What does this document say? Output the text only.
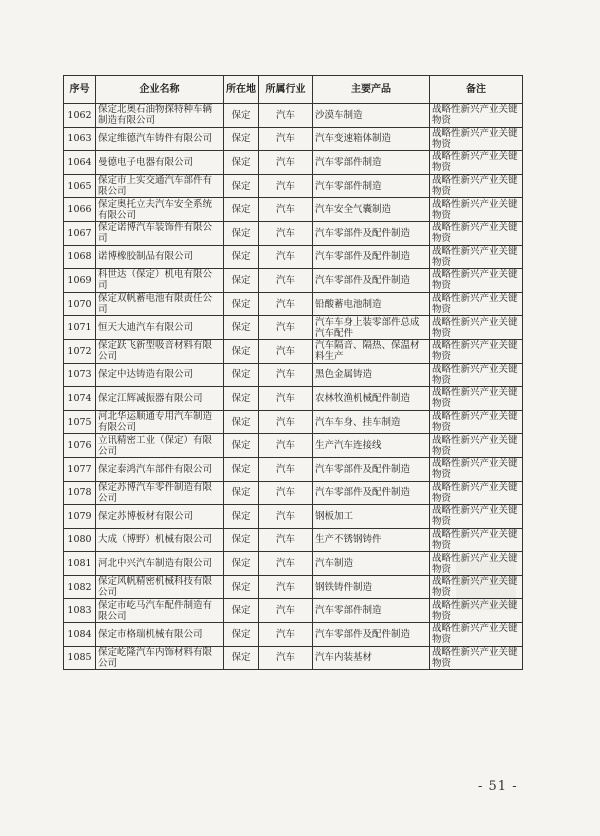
序号	企业名称	所在地	所属行业	主要产品	备注
1062	保定北奥石油物探特种车辆制造有限公司	保定	汽车	沙漠车制造	战略性新兴产业关键物资
1063	保定维德汽车铸件有限公司	保定	汽车	汽车变速箱体制造	战略性新兴产业关键物资
1064	曼德电子电器有限公司	保定	汽车	汽车零部件制造	战略性新兴产业关键物资
1065	保定市上实交通汽车部件有限公司	保定	汽车	汽车零部件制造	战略性新兴产业关键物资
1066	保定奥托立夫汽车安全系统有限公司	保定	汽车	汽车安全气囊制造	战略性新兴产业关键物资
1067	保定诺博汽车装饰件有限公司	保定	汽车	汽车零部件及配件制造	战略性新兴产业关键物资
1068	诺博橡胶制品有限公司	保定	汽车	汽车零部件及配件制造	战略性新兴产业关键物资
1069	科世达（保定）机电有限公司	保定	汽车	汽车零部件及配件制造	战略性新兴产业关键物资
1070	保定双帆蓄电池有限责任公司	保定	汽车	铅酸蓄电池制造	战略性新兴产业关键物资
1071	恒天大迪汽车有限公司	保定	汽车	汽车车身上装零部件总成汽车配件	战略性新兴产业关键物资
1072	保定跃飞新型吸音材料有限公司	保定	汽车	汽车隔音、隔热、保温材料生产	战略性新兴产业关键物资
1073	保定中达铸造有限公司	保定	汽车	黑色金属铸造	战略性新兴产业关键物资
1074	保定江辉减振器有限公司	保定	汽车	农林牧渔机械配件制造	战略性新兴产业关键物资
1075	河北华运顺通专用汽车制造有限公司	保定	汽车	汽车车身、挂车制造	战略性新兴产业关键物资
1076	立讯精密工业（保定）有限公司	保定	汽车	生产汽车连接线	战略性新兴产业关键物资
1077	保定泰鸿汽车部件有限公司	保定	汽车	汽车零部件及配件制造	战略性新兴产业关键物资
1078	保定苏博汽车零件制造有限公司	保定	汽车	汽车零部件及配件制造	战略性新兴产业关键物资
1079	保定苏博板材有限公司	保定	汽车	钢板加工	战略性新兴产业关键物资
1080	大成（博野）机械有限公司	保定	汽车	生产不锈钢铸件	战略性新兴产业关键物资
1081	河北中兴汽车制造有限公司	保定	汽车	汽车制造	战略性新兴产业关键物资
1082	保定风帆精密机械科技有限公司	保定	汽车	钢铁铸件制造	战略性新兴产业关键物资
1083	保定市屹马汽车配件制造有限公司	保定	汽车	汽车零部件制造	战略性新兴产业关键物资
1084	保定市格瑞机械有限公司	保定	汽车	汽车零部件及配件制造	战略性新兴产业关键物资
1085	保定屹隆汽车内饰材料有限公司	保定	汽车	汽车内装基材	战略性新兴产业关键物资
- 51 -
